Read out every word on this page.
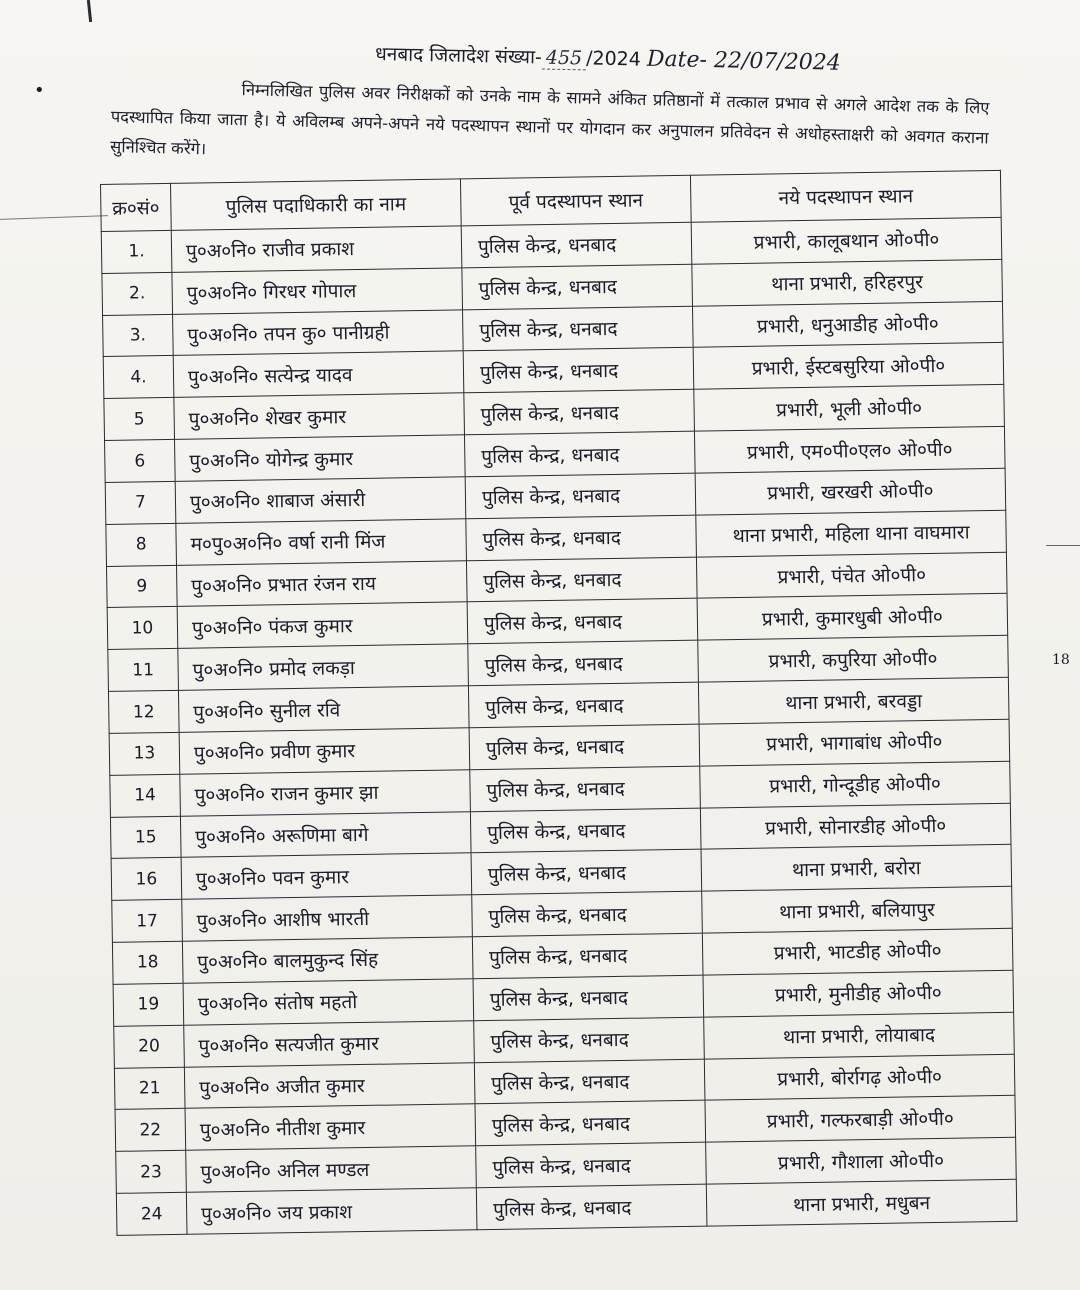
•
धनबाद जिलादेश संख्या- 455 /2024 Date- 22/07/2024
निम्नलिखित पुलिस अवर निरीक्षकों को उनके नाम के सामने अंकित प्रतिष्ठानों में तत्काल प्रभाव से अगले आदेश तक के लिए पदस्थापित किया जाता है। ये अविलम्ब अपने-अपने नये पदस्थापन स्थानों पर योगदान कर अनुपालन प्रतिवेदन से अधोहस्ताक्षरी को अवगत कराना सुनिश्चित करेंगे।
क्र०सं०	पुलिस पदाधिकारी का नाम	पूर्व पदस्थापन स्थान	नये पदस्थापन स्थान
1.	पु०अ०नि० राजीव प्रकाश	पुलिस केन्द्र, धनबाद	प्रभारी, कालूबथान ओ०पी०
2.	पु०अ०नि० गिरधर गोपाल	पुलिस केन्द्र, धनबाद	थाना प्रभारी, हरिहरपुर
3.	पु०अ०नि० तपन कु० पानीग्रही	पुलिस केन्द्र, धनबाद	प्रभारी, धनुआडीह ओ०पी०
4.	पु०अ०नि० सत्येन्द्र यादव	पुलिस केन्द्र, धनबाद	प्रभारी, ईस्टबसुरिया ओ०पी०
5	पु०अ०नि० शेखर कुमार	पुलिस केन्द्र, धनबाद	प्रभारी, भूली ओ०पी०
6	पु०अ०नि० योगेन्द्र कुमार	पुलिस केन्द्र, धनबाद	प्रभारी, एम०पी०एल० ओ०पी०
7	पु०अ०नि० शाबाज अंसारी	पुलिस केन्द्र, धनबाद	प्रभारी, खरखरी ओ०पी०
8	म०पु०अ०नि० वर्षा रानी मिंज	पुलिस केन्द्र, धनबाद	थाना प्रभारी, महिला थाना वाघमारा
9	पु०अ०नि० प्रभात रंजन राय	पुलिस केन्द्र, धनबाद	प्रभारी, पंचेत ओ०पी०
10	पु०अ०नि० पंकज कुमार	पुलिस केन्द्र, धनबाद	प्रभारी, कुमारधुबी ओ०पी०
11	पु०अ०नि० प्रमोद लकड़ा	पुलिस केन्द्र, धनबाद	प्रभारी, कपुरिया ओ०पी०
12	पु०अ०नि० सुनील रवि	पुलिस केन्द्र, धनबाद	थाना प्रभारी, बरवड्डा
13	पु०अ०नि० प्रवीण कुमार	पुलिस केन्द्र, धनबाद	प्रभारी, भागाबांध ओ०पी०
14	पु०अ०नि० राजन कुमार झा	पुलिस केन्द्र, धनबाद	प्रभारी, गोन्दूडीह ओ०पी०
15	पु०अ०नि० अरूणिमा बागे	पुलिस केन्द्र, धनबाद	प्रभारी, सोनारडीह ओ०पी०
16	पु०अ०नि० पवन कुमार	पुलिस केन्द्र, धनबाद	थाना प्रभारी, बरोरा
17	पु०अ०नि० आशीष भारती	पुलिस केन्द्र, धनबाद	थाना प्रभारी, बलियापुर
18	पु०अ०नि० बालमुकुन्द सिंह	पुलिस केन्द्र, धनबाद	प्रभारी, भाटडीह ओ०पी०
19	पु०अ०नि० संतोष महतो	पुलिस केन्द्र, धनबाद	प्रभारी, मुनीडीह ओ०पी०
20	पु०अ०नि० सत्यजीत कुमार	पुलिस केन्द्र, धनबाद	थाना प्रभारी, लोयाबाद
21	पु०अ०नि० अजीत कुमार	पुलिस केन्द्र, धनबाद	प्रभारी, बोर्रागढ़ ओ०पी०
22	पु०अ०नि० नीतीश कुमार	पुलिस केन्द्र, धनबाद	प्रभारी, गल्फरबाड़ी ओ०पी०
23	पु०अ०नि० अनिल मण्डल	पुलिस केन्द्र, धनबाद	प्रभारी, गौशाला ओ०पी०
24	पु०अ०नि० जय प्रकाश	पुलिस केन्द्र, धनबाद	थाना प्रभारी, मधुबन
18
